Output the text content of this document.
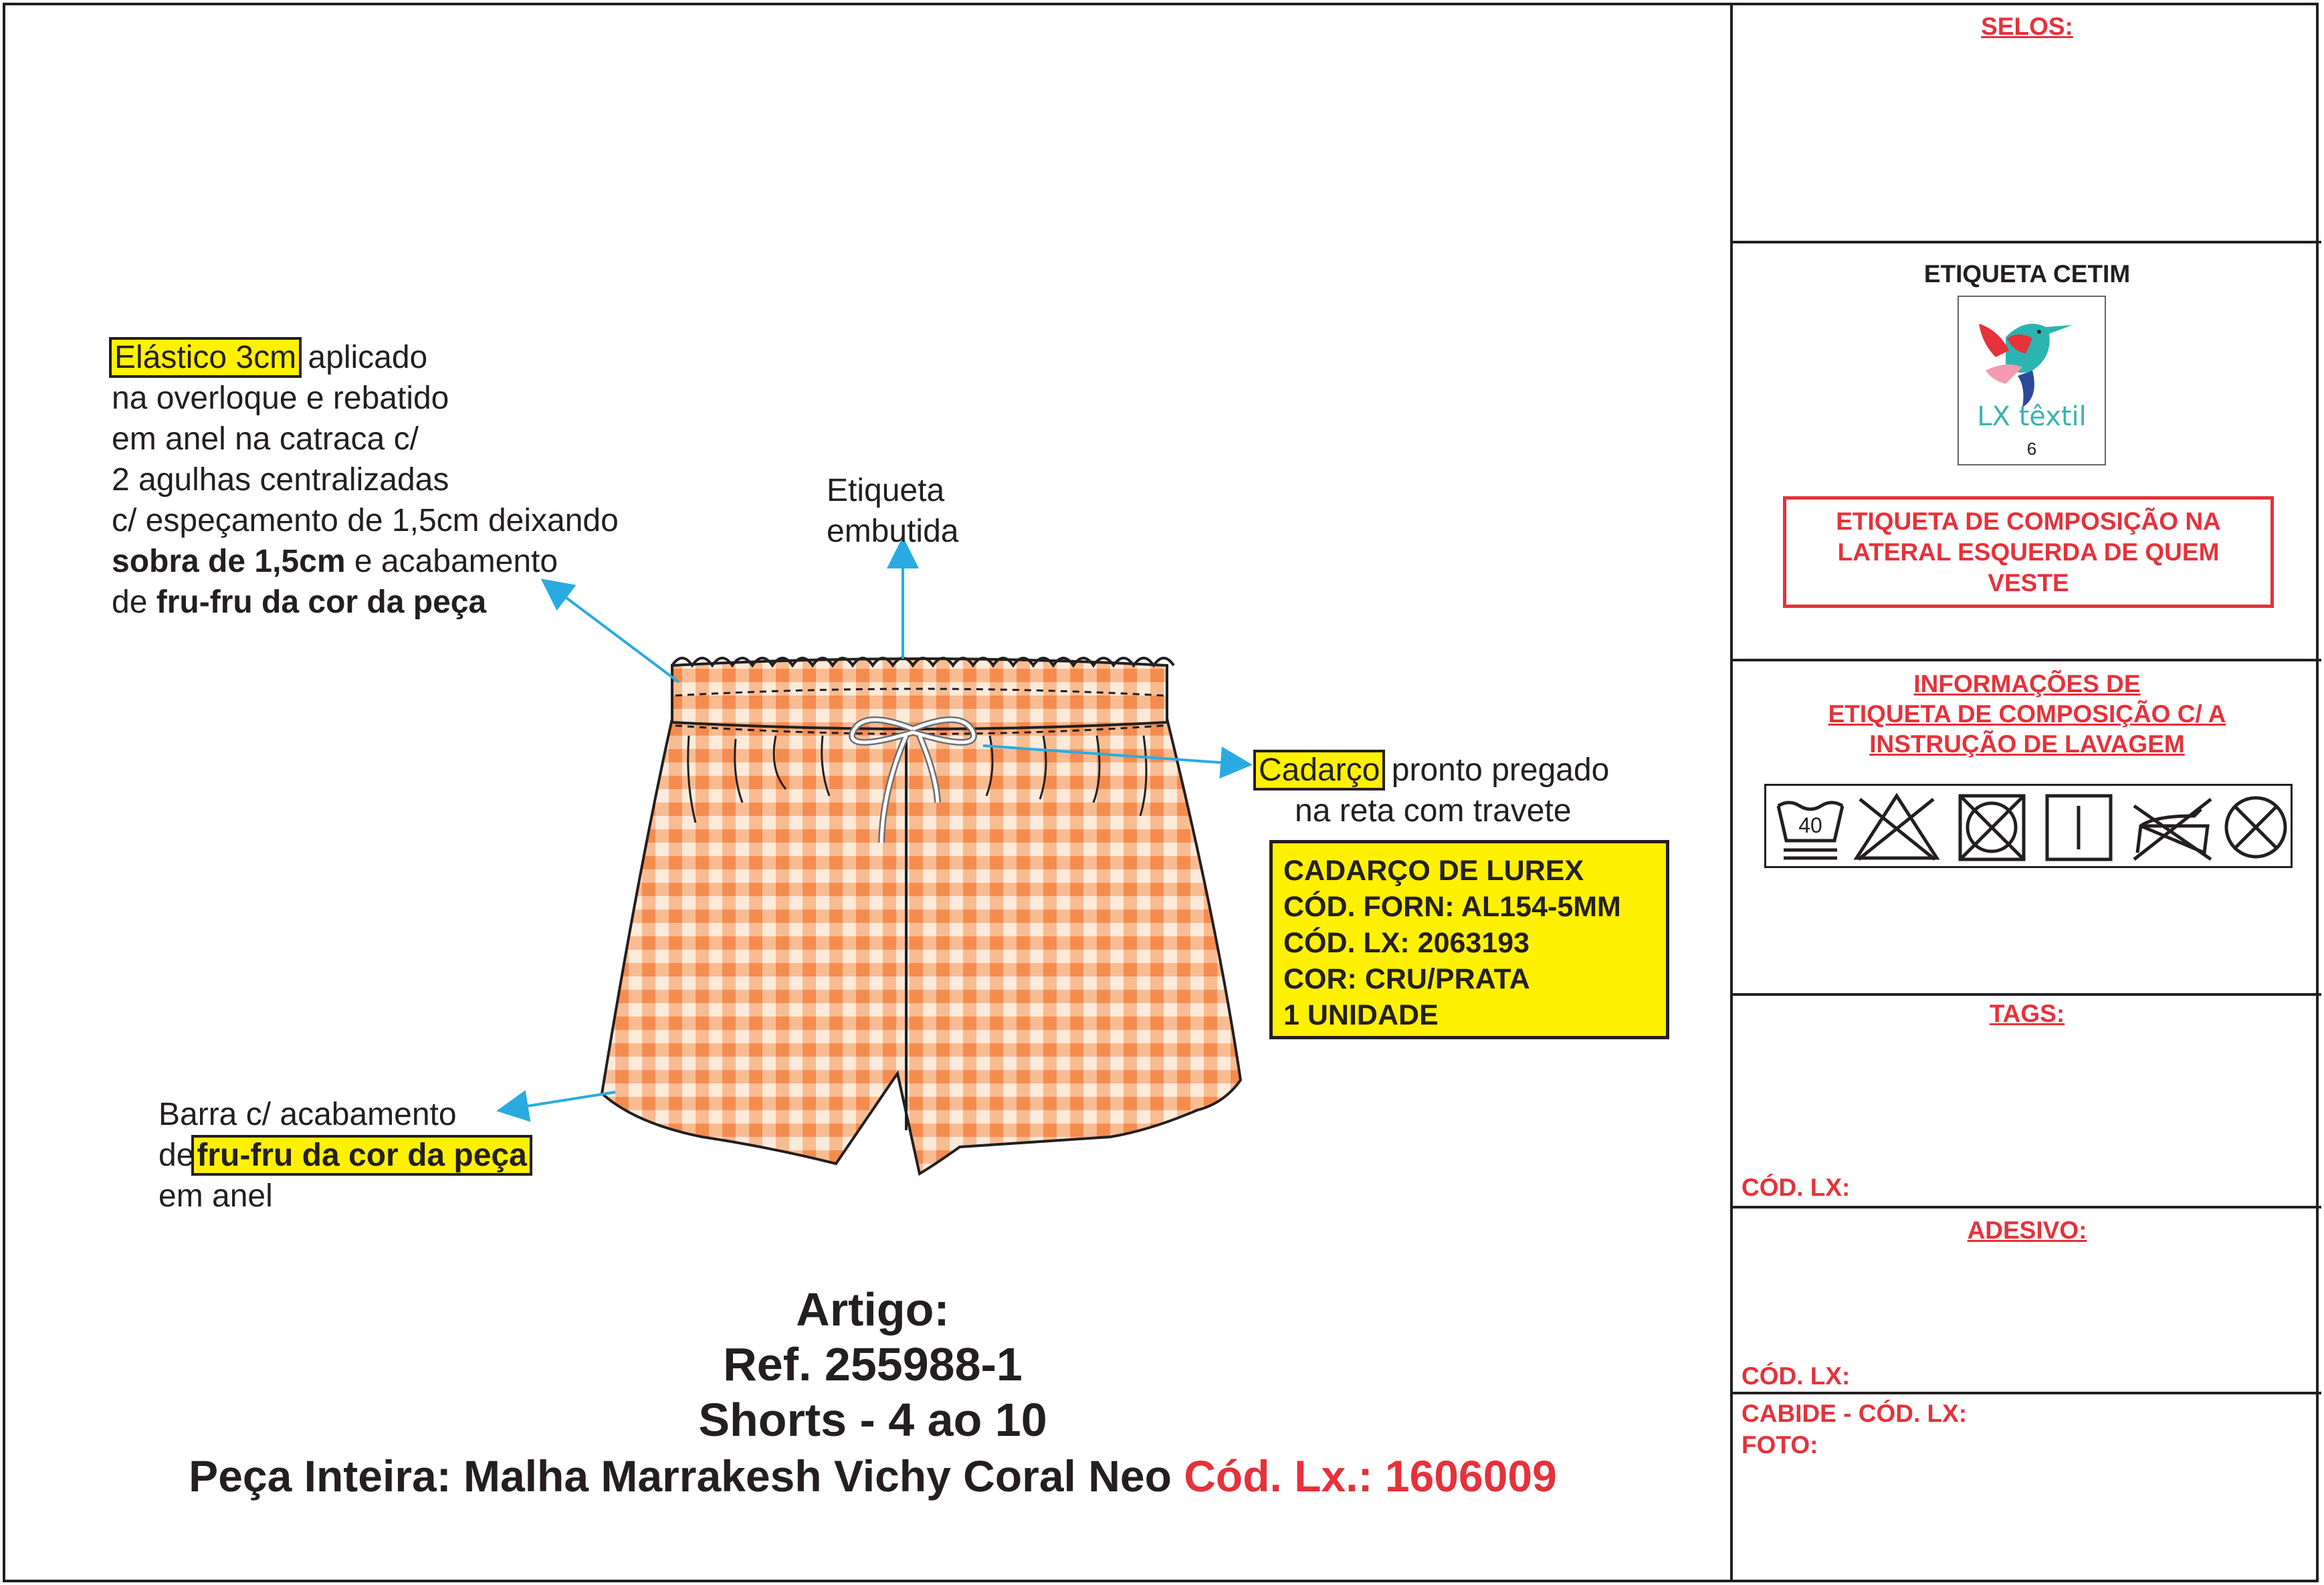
SELOS:
ETIQUETA CETIM
LX têxtil
6
ETIQUETA DE COMPOSIÇÃO NA
LATERAL ESQUERDA DE QUEM
VESTE
INFORMAÇÕES DE
ETIQUETA DE COMPOSIÇÃO C/ A
INSTRUÇÃO DE LAVAGEM
40
TAGS:
CÓD. LX:
ADESIVO:
CÓD. LX:
CABIDE - CÓD. LX:
FOTO:
Elástico 3cm aplicado
na overloque e rebatido
em anel na catraca c/
2 agulhas centralizadas
c/ espeçamento de 1,5cm deixando
sobra de 1,5cm e acabamento
de fru-fru da cor da peça
Etiqueta
embutida
Cadarço pronto pregado
na reta com travete
CADARÇO DE LUREX
CÓD. FORN: AL154-5MM
CÓD. LX: 2063193
COR: CRU/PRATA
1 UNIDADE
Barra c/ acabamento
defru-fru da cor da peça
em anel
Artigo:
Ref. 255988-1
Shorts - 4 ao 10
Peça Inteira: Malha Marrakesh Vichy Coral Neo Cód. Lx.: 1606009
